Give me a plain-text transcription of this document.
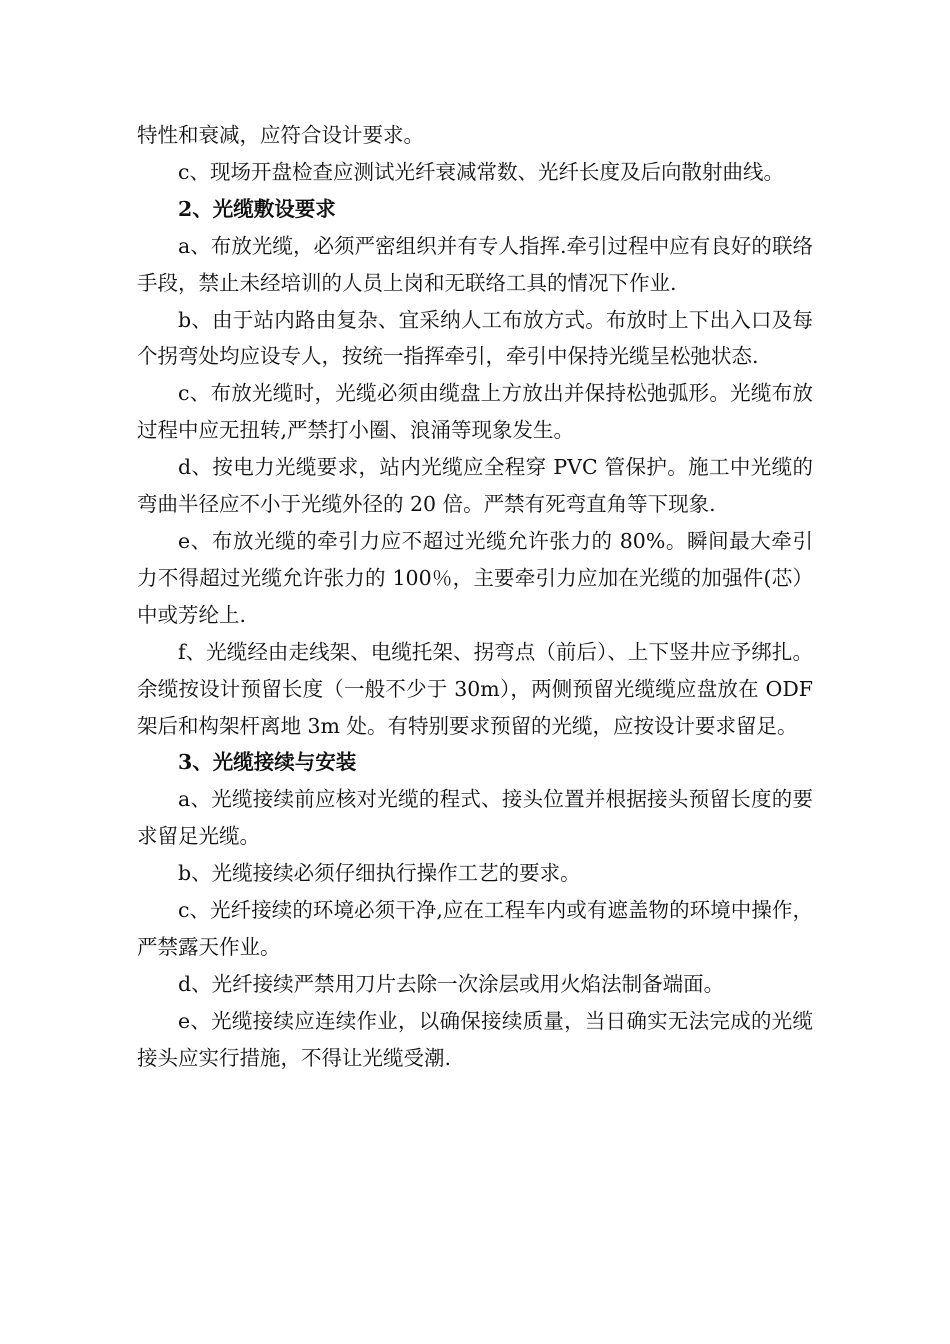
特性和衰减，应符合设计要求。

c、现场开盘检查应测试光纤衰减常数、光纤长度及后向散射曲线。

2、光缆敷设要求

a、布放光缆，必须严密组织并有专人指挥.牵引过程中应有良好的联络手段，禁止未经培训的人员上岗和无联络工具的情况下作业.

b、由于站内路由复杂、宜采纳人工布放方式。布放时上下出入口及每个拐弯处均应设专人，按统一指挥牵引，牵引中保持光缆呈松弛状态.

c、布放光缆时，光缆必须由缆盘上方放出并保持松弛弧形。光缆布放过程中应无扭转,严禁打小圈、浪涌等现象发生。

d、按电力光缆要求，站内光缆应全程穿 PVC 管保护。施工中光缆的弯曲半径应不小于光缆外径的 20 倍。严禁有死弯直角等下现象.

e、布放光缆的牵引力应不超过光缆允许张力的 80%。瞬间最大牵引力不得超过光缆允许张力的 100％，主要牵引力应加在光缆的加强件(芯）中或芳纶上.

f、光缆经由走线架、电缆托架、拐弯点（前后）、上下竖井应予绑扎。余缆按设计预留长度（一般不少于 30m），两侧预留光缆缆应盘放在 ODF 架后和构架杆离地 3m 处。有特别要求预留的光缆，应按设计要求留足。

3、光缆接续与安装

a、光缆接续前应核对光缆的程式、接头位置并根据接头预留长度的要求留足光缆。

b、光缆接续必须仔细执行操作工艺的要求。

c、光纤接续的环境必须干净,应在工程车内或有遮盖物的环境中操作，严禁露天作业。

d、光纤接续严禁用刀片去除一次涂层或用火焰法制备端面。

e、光缆接续应连续作业，以确保接续质量，当日确实无法完成的光缆接头应实行措施，不得让光缆受潮.
